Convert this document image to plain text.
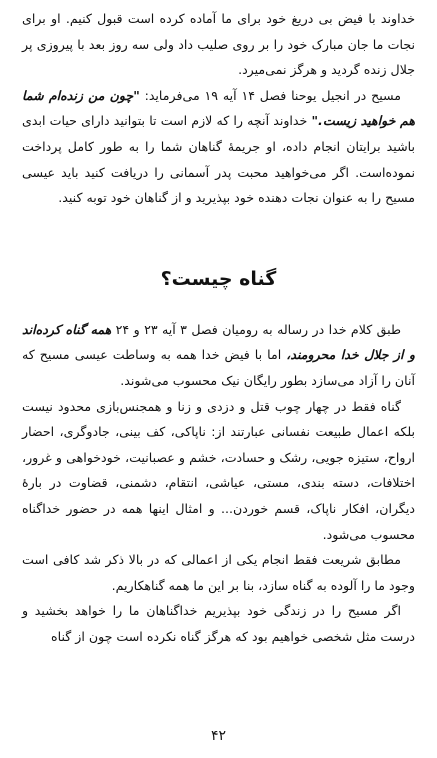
خداوند با فیض بی دریغ خود برای ما آماده کرده است قبول کنیم. او برای نجات ما جان مبارک خود را بر روی صلیب داد ولی سه روز بعد با پیروزی پر جلال زنده گردید و هرگز نمی‌میرد.

مسیح در انجیل یوحنا فصل ۱۴ آیه ۱۹ می‌فرماید: "چون من زنده‌ام شما هم خواهید زیست." خداوند آنچه را که لازم است تا بتوانید دارای حیات ابدی باشید برایتان انجام داده، او جریمهٔ گناهان شما را به طور کامل پرداخت نموده‌است. اگر می‌خواهید محبت پدر آسمانی را دریافت کنید باید عیسی مسیح را به عنوان نجات دهنده خود بپذیرید و از گناهان خود توبه کنید.

گناه چیست؟

طبق کلام خدا در رساله به رومیان فصل ۳ آیه ۲۳ و ۲۴ همه گناه کرده‌اند و از جلال خدا محرومند، اما با فیض خدا همه به وساطت عیسی مسیح که آنان را آزاد می‌سازد بطور رایگان نیک محسوب می‌شوند.

گناه فقط در چهار چوب قتل و دزدی و زنا و همجنس‌بازی محدود نیست بلکه اعمال طبیعت نفسانی عبارتند از: ناپاکی، کف بینی، جادوگری، احضار ارواح، ستیزه جویی، رشک و حسادت، خشم و عصبانیت، خودخواهی و غرور، اختلافات، دسته بندی، مستی، عیاشی، انتقام، دشمنی، قضاوت در بارهٔ دیگران، افکار ناپاک، قسم خوردن... و امثال اینها همه در حضور خداگناه محسوب می‌شود.

مطابق شریعت فقط انجام یکی از اعمالی که در بالا ذکر شد کافی است وجود ما را آلوده به گناه سازد، بنا بر این ما همه گناهکاریم.

اگر مسیح را در زندگی خود بپذیریم خداگناهان ما را خواهد بخشید و درست مثل شخصی خواهیم بود که هرگز گناه نکرده است چون از گناه

۴۲
